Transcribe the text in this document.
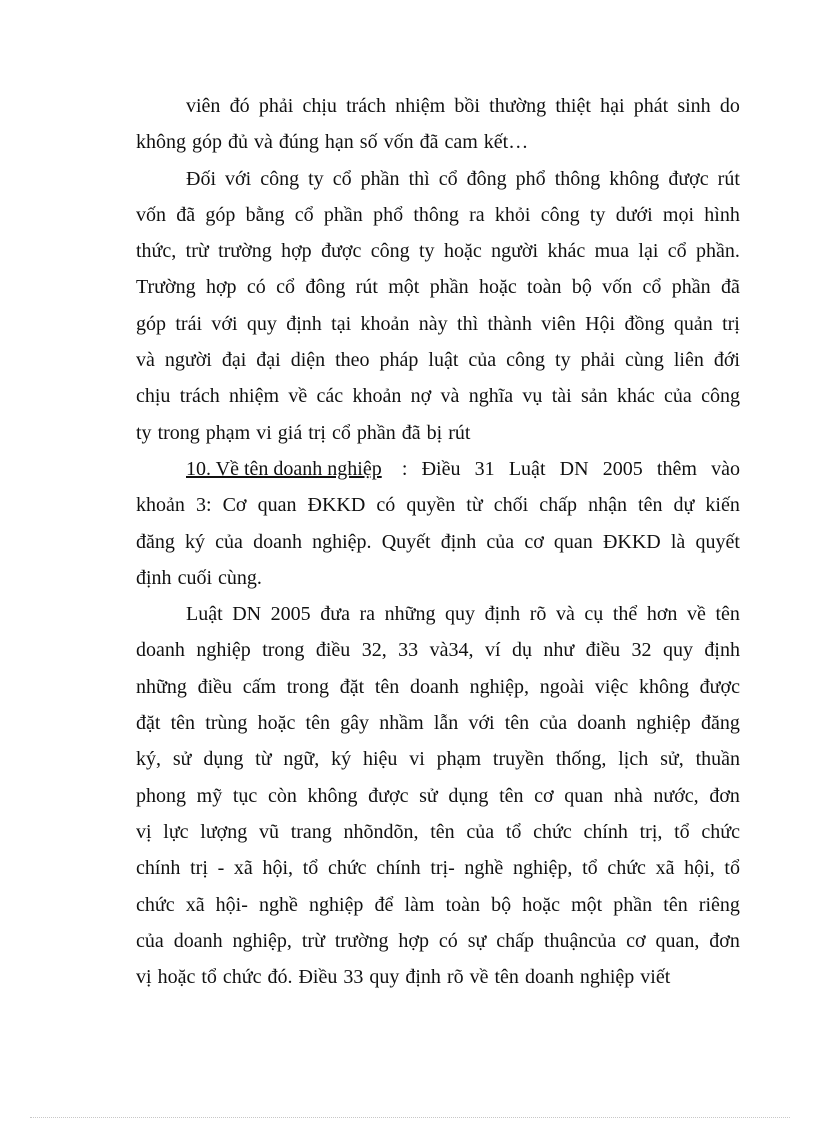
viên đó phải chịu trách nhiệm bồi thường thiệt hại phát sinh do
không góp đủ và đúng hạn số vốn đã cam kết…
Đối với công ty cổ phần thì cổ đông phổ thông không được rút
vốn đã góp bằng cổ phần phổ thông ra khỏi công ty dưới mọi hình
thức, trừ trường hợp được công ty hoặc người khác mua lại cổ phần.
Trường hợp có cổ đông rút một phần hoặc toàn bộ vốn cổ phần đã
góp trái với quy định tại khoản này thì thành viên Hội đồng quản trị
và người đại đại diện theo pháp luật của công ty phải cùng liên đới
chịu trách nhiệm về các khoản nợ và nghĩa vụ tài sản khác của công
ty trong phạm vi giá trị cổ phần đã bị rút
10. Về tên doanh nghiệp : Điều 31 Luật DN 2005 thêm vào
khoản 3: Cơ quan ĐKKD có quyền từ chối chấp nhận tên dự kiến
đăng ký của doanh nghiệp. Quyết định của cơ quan ĐKKD là quyết
định cuối cùng.
Luật DN 2005 đưa ra những quy định rõ và cụ thể hơn về tên
doanh nghiệp trong điều 32, 33 và34, ví dụ như điều 32 quy định
những điều cấm trong đặt tên doanh nghiệp, ngoài việc không được
đặt tên trùng hoặc tên gây nhầm lẫn với tên của doanh nghiệp đăng
ký, sử dụng từ ngữ, ký hiệu vi phạm truyền thống, lịch sử, thuần
phong mỹ tục còn không được sử dụng tên cơ quan nhà nước, đơn
vị lực lượng vũ trang nhõndõn, tên của tổ chức chính trị, tổ chức
chính trị - xã hội, tổ chức chính trị- nghề nghiệp, tổ chức xã hội, tổ
chức xã hội- nghề nghiệp để làm toàn bộ hoặc một phần tên riêng
của doanh nghiệp, trừ trường hợp có sự chấp thuậncủa cơ quan, đơn
vị hoặc tổ chức đó. Điều 33 quy định rõ về tên doanh nghiệp viết
